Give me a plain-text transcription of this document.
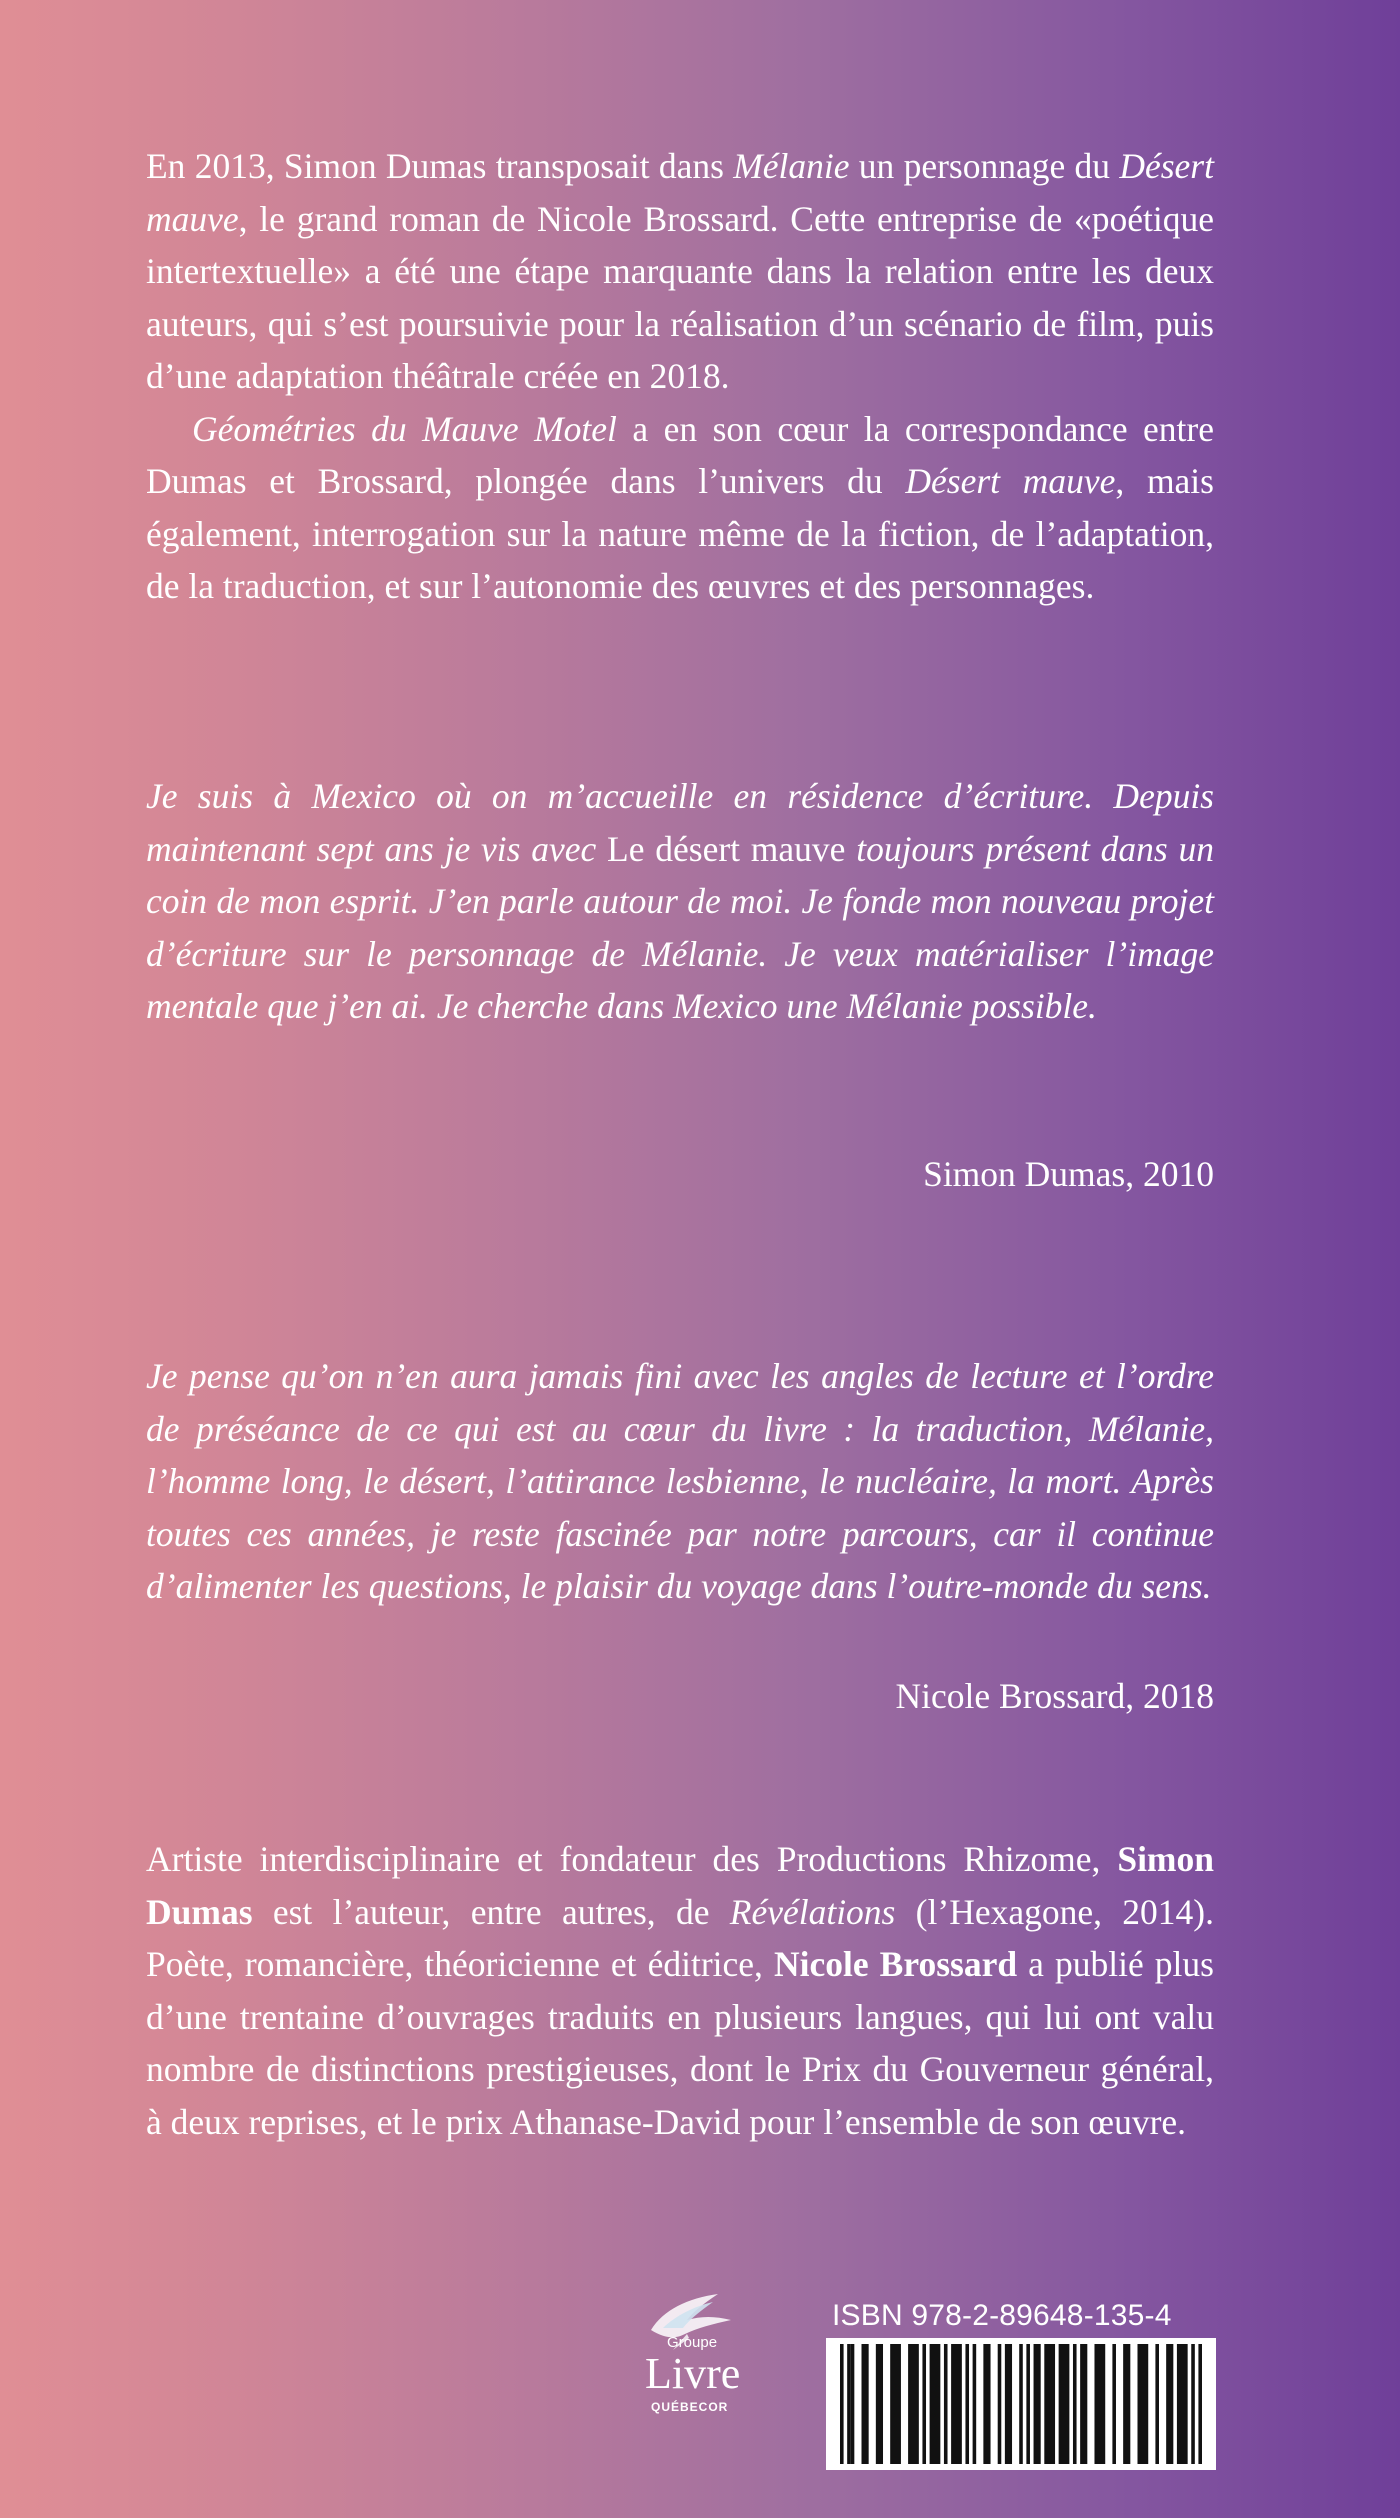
En 2013, Simon Dumas transposait dans Mélanie un personnage du Désert mauve, le grand roman de Nicole Brossard. Cette entreprise de «poétique intertextuelle» a été une étape marquante dans la relation entre les deux auteurs, qui s’est poursuivie pour la réalisation d’un scénario de film, puis d’une adaptation théâtrale créée en 2018.

Géométries du Mauve Motel a en son cœur la correspondance entre Dumas et Brossard, plongée dans l’univers du Désert mauve, mais également, interrogation sur la nature même de la fiction, de l’adaptation, de la traduction, et sur l’autonomie des œuvres et des personnages.

Je suis à Mexico où on m’accueille en résidence d’écriture. Depuis maintenant sept ans je vis avec Le désert mauve toujours présent dans un coin de mon esprit. J’en parle autour de moi. Je fonde mon nouveau projet d’écriture sur le personnage de Mélanie. Je veux matérialiser l’image mentale que j’en ai. Je cherche dans Mexico une Mélanie possible.

Simon Dumas, 2010

Je pense qu’on n’en aura jamais fini avec les angles de lecture et l’ordre de préséance de ce qui est au cœur du livre : la traduction, Mélanie, l’homme long, le désert, l’attirance lesbienne, le nucléaire, la mort. Après toutes ces années, je reste fascinée par notre parcours, car il continue d’alimenter les questions, le plaisir du voyage dans l’outre-monde du sens.

Nicole Brossard, 2018

Artiste interdisciplinaire et fondateur des Productions Rhizome, Simon Dumas est l’auteur, entre autres, de Révélations (l’Hexagone, 2014). Poète, romancière, théoricienne et éditrice, Nicole Brossard a publié plus d’une trentaine d’ouvrages traduits en plusieurs langues, qui lui ont valu nombre de distinctions prestigieuses, dont le Prix du Gouverneur général, à deux reprises, et le prix Athanase-David pour l’ensemble de son œuvre.

Groupe
Livre
QUÉBECOR
ISBN 978-2-89648-135-4
